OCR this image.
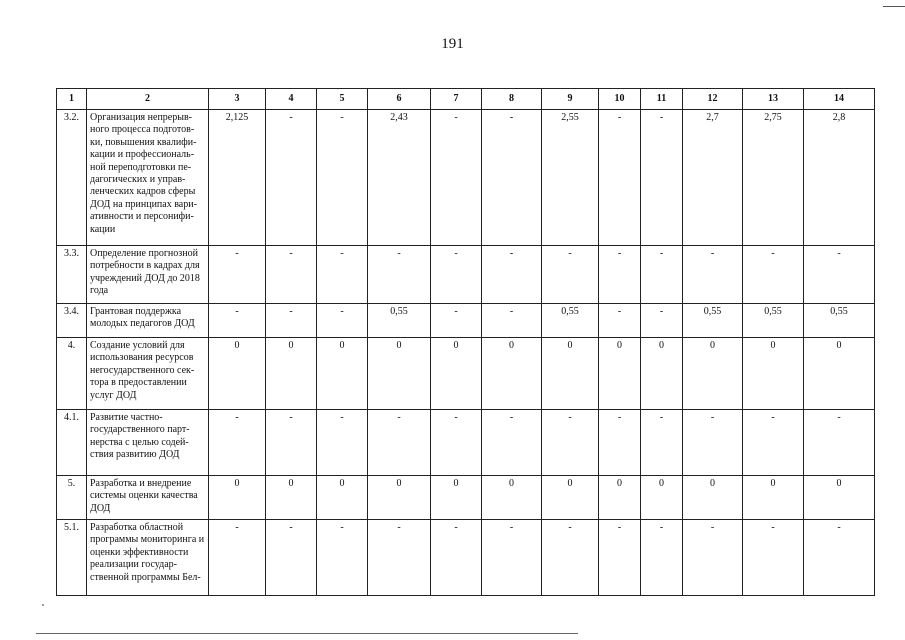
191
1	2	3	4	5	6	7	8	9	10	11	12	13	14
3.2.	Организация непрерыв-ного процесса подготов-ки, повышения квалифи-кации и профессиональ-ной переподготовки пе-дагогических и управ-ленческих кадров сферы ДОД на принципах вари-ативности и персонифи-кации	2,125	-	-	2,43	-	-	2,55	-	-	2,7	2,75	2,8
3.3.	Определение прогнозной потребности в кадрах для учреждений ДОД до 2018 года	-	-	-	-	-	-	-	-	-	-	-	-
3.4.	Грантовая поддержка молодых педагогов ДОД	-	-	-	0,55	-	-	0,55	-	-	0,55	0,55	0,55
4.	Создание условий для использования ресурсов негосударственного сек-тора в предоставлении услуг ДОД	0	0	0	0	0	0	0	0	0	0	0	0
4.1.	Развитие частно-государственного парт-нерства с целью содей-ствия развитию ДОД	-	-	-	-	-	-	-	-	-	-	-	-
5.	Разработка и внедрение системы оценки качества ДОД	0	0	0	0	0	0	0	0	0	0	0	0
5.1.	Разработка областной программы мониторинга и оценки эффективности реализации государ-ственной программы Бел-	-	-	-	-	-	-	-	-	-	-	-	-
